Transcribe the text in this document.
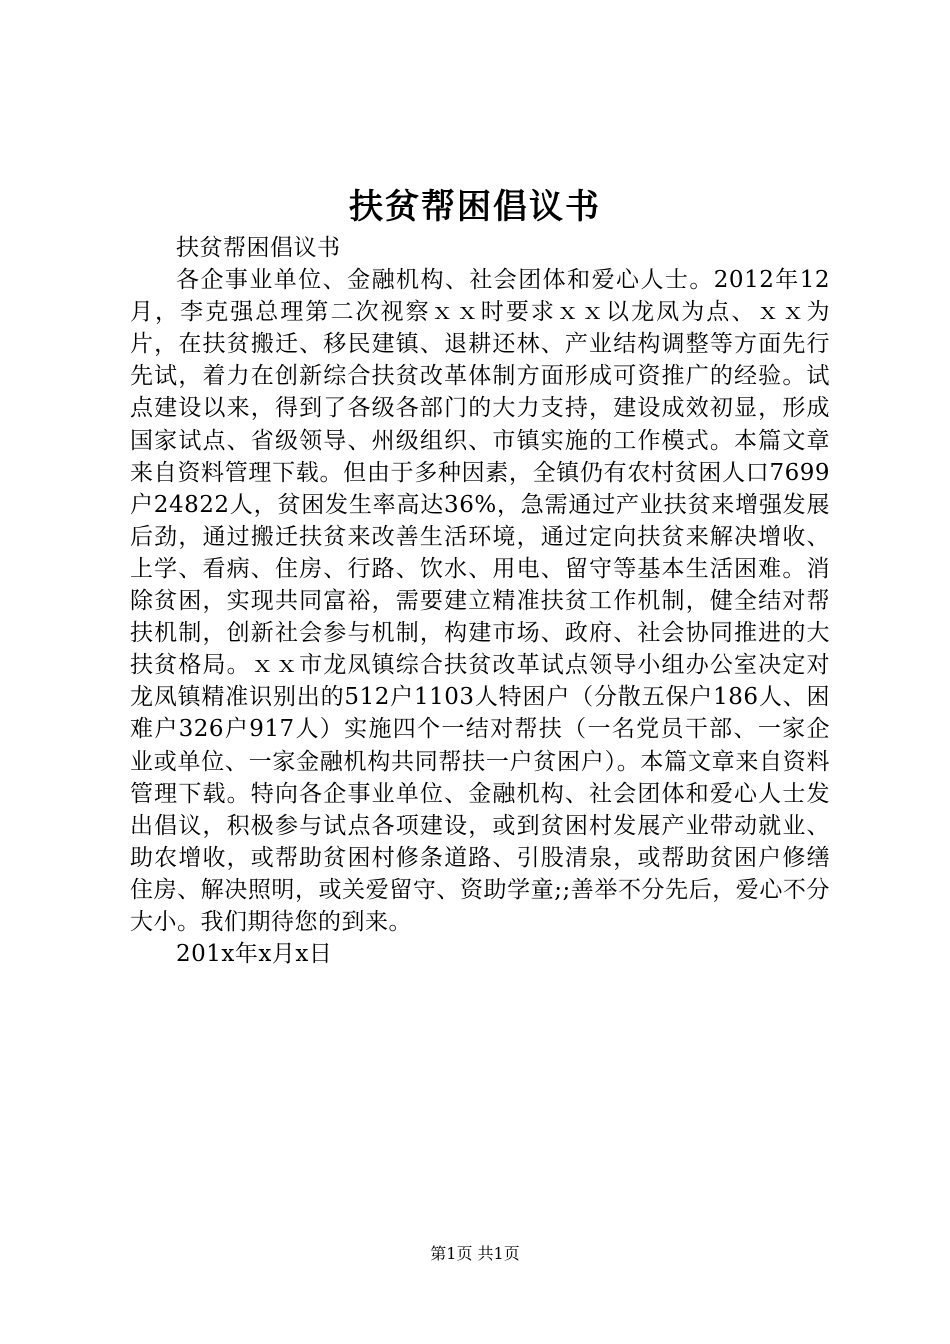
扶贫帮困倡议书

扶贫帮困倡议书

各企事业单位、金融机构、社会团体和爱心人士。2012年12月，李克强总理第二次视察ｘｘ时要求ｘｘ以龙凤为点、ｘｘ为片，在扶贫搬迁、移民建镇、退耕还林、产业结构调整等方面先行先试，着力在创新综合扶贫改革体制方面形成可资推广的经验。试点建设以来，得到了各级各部门的大力支持，建设成效初显，形成国家试点、省级领导、州级组织、市镇实施的工作模式。本篇文章来自资料管理下载。但由于多种因素，全镇仍有农村贫困人口7699户24822人，贫困发生率高达36%，急需通过产业扶贫来增强发展后劲，通过搬迁扶贫来改善生活环境，通过定向扶贫来解决增收、上学、看病、住房、行路、饮水、用电、留守等基本生活困难。消除贫困，实现共同富裕，需要建立精准扶贫工作机制，健全结对帮扶机制，创新社会参与机制，构建市场、政府、社会协同推进的大扶贫格局。ｘｘ市龙凤镇综合扶贫改革试点领导小组办公室决定对龙凤镇精准识别出的512户1103人特困户（分散五保户186人、困难户326户917人）实施四个一结对帮扶（一名党员干部、一家企业或单位、一家金融机构共同帮扶一户贫困户）。本篇文章来自资料管理下载。特向各企事业单位、金融机构、社会团体和爱心人士发出倡议，积极参与试点各项建设，或到贫困村发展产业带动就业、助农增收，或帮助贫困村修条道路、引股清泉，或帮助贫困户修缮住房、解决照明，或关爱留守、资助学童;;善举不分先后，爱心不分大小。我们期待您的到来。

201x年x月x日

第1页 共1页
